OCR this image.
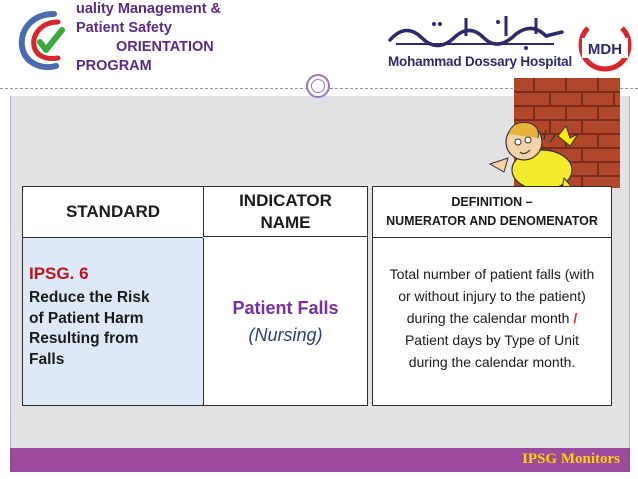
uality Management &
Patient Safety
ORIENTATION
PROGRAM	Mohammad Dossary Hospital
MDH
STANDARD
INDICATOR
NAME
IPSG. 6
Reduce the Risk
of Patient Harm
Resulting from
Falls
Patient Falls
(Nursing)
DEFINITION –
NUMERATOR AND DENOMENATOR
Total number of patient falls (with
or without injury to the patient)
during the calendar month /
Patient days by Type of Unit
during the calendar month.
IPSG Monitors
